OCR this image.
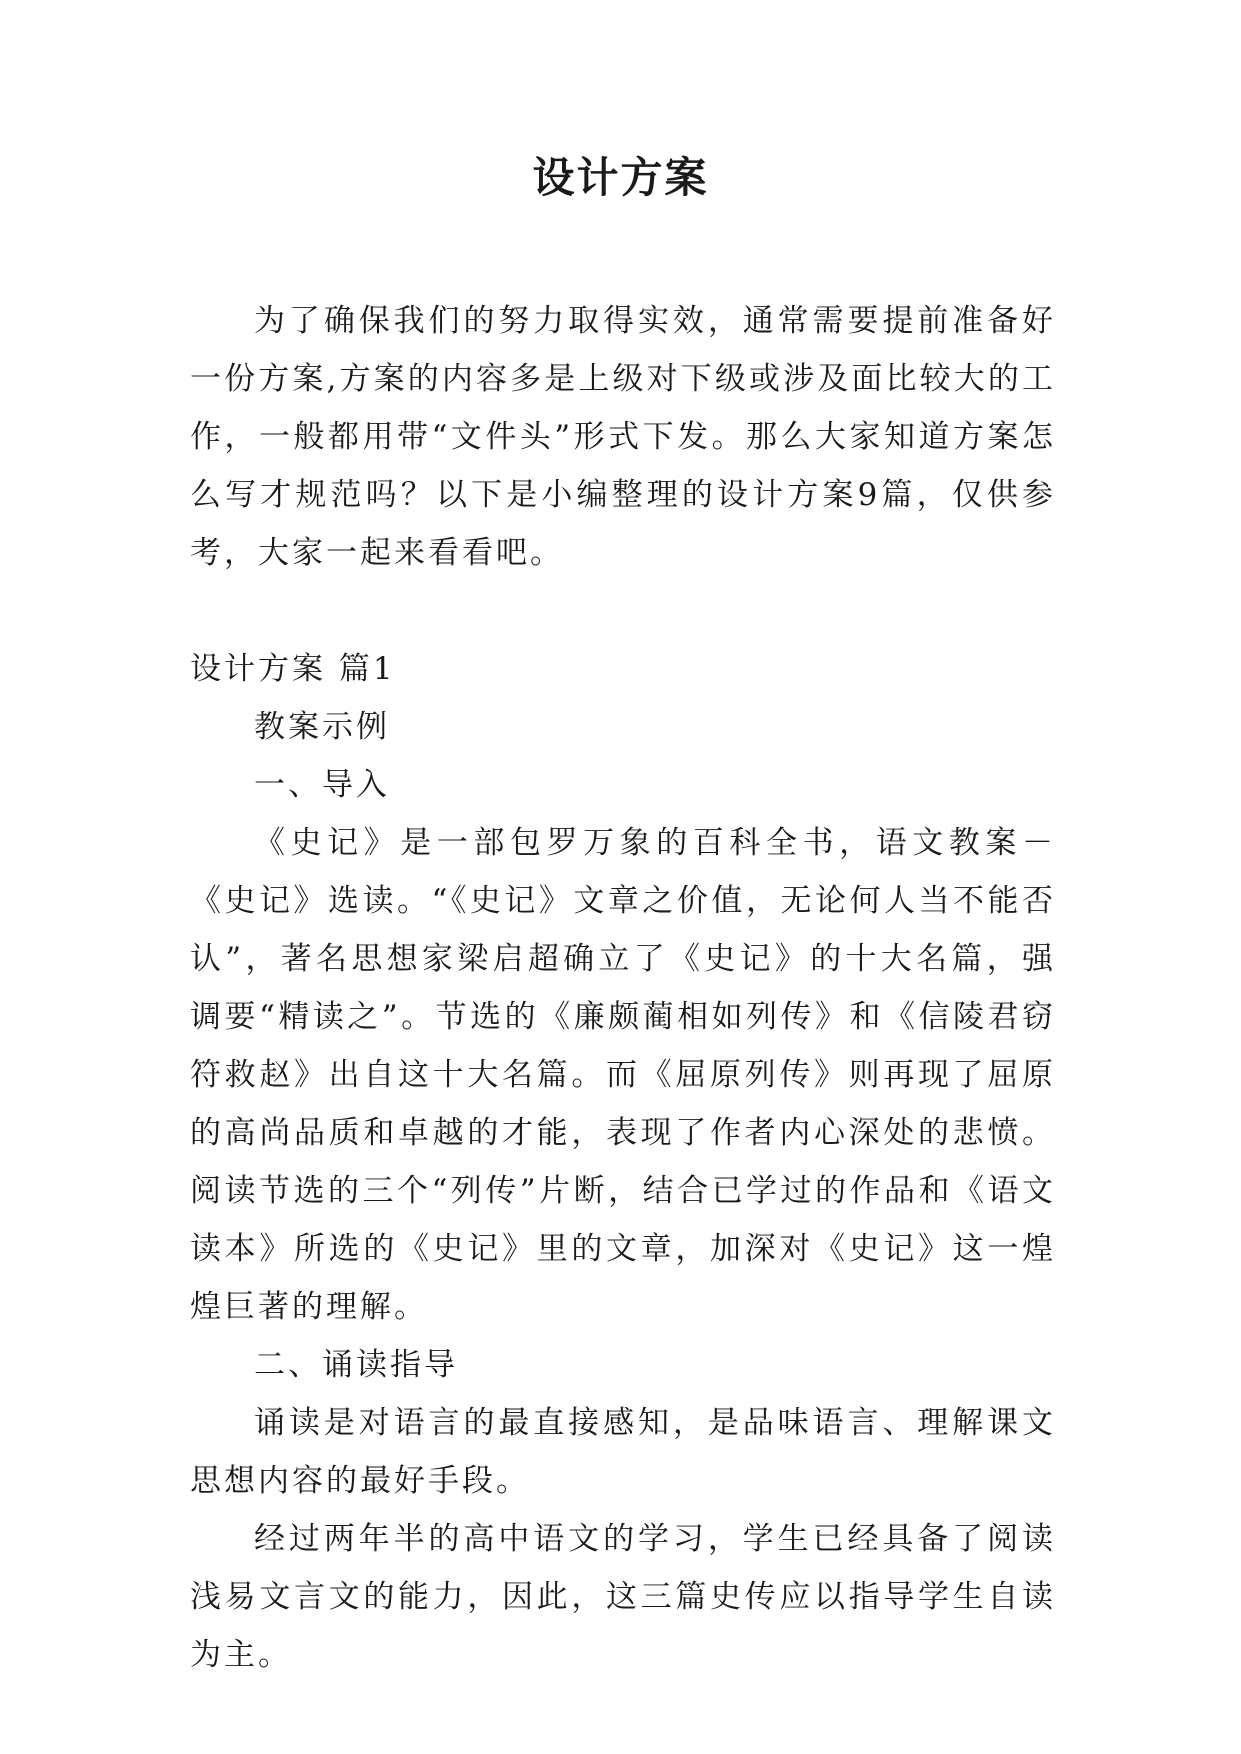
设计方案

为了确保我们的努力取得实效，通常需要提前准备好一份方案,方案的内容多是上级对下级或涉及面比较大的工作，一般都用带“文件头”形式下发。那么大家知道方案怎么写才规范吗？以下是小编整理的设计方案9篇，仅供参考，大家一起来看看吧。

设计方案 篇1

教案示例

一、导入

《史记》是一部包罗万象的百科全书，语文教案－《史记》选读。“《史记》文章之价值，无论何人当不能否认”，著名思想家梁启超确立了《史记》的十大名篇，强调要“精读之”。节选的《廉颇蔺相如列传》和《信陵君窃符救赵》出自这十大名篇。而《屈原列传》则再现了屈原的高尚品质和卓越的才能，表现了作者内心深处的悲愤。阅读节选的三个“列传”片断，结合已学过的作品和《语文读本》所选的《史记》里的文章，加深对《史记》这一煌煌巨著的理解。

二、诵读指导

诵读是对语言的最直接感知，是品味语言、理解课文思想内容的最好手段。

经过两年半的高中语文的学习，学生已经具备了阅读浅易文言文的能力，因此，这三篇史传应以指导学生自读为主。
